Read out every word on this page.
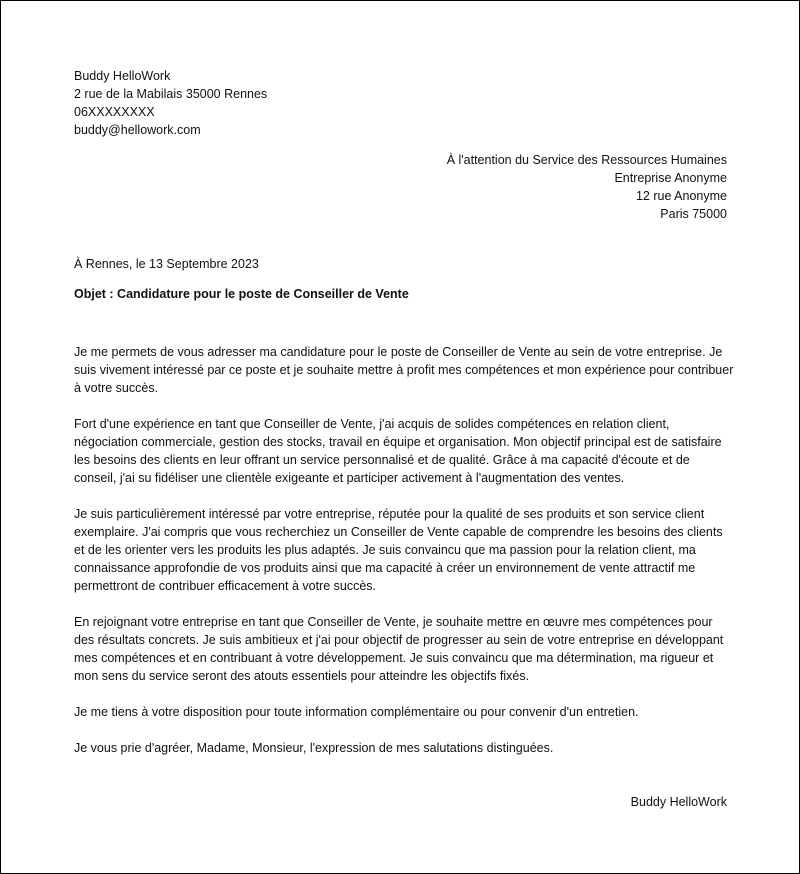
Buddy HelloWork
2 rue de la Mabilais 35000 Rennes
06XXXXXXXX
buddy@hellowork.com
À l'attention du Service des Ressources Humaines
Entreprise Anonyme
12 rue Anonyme
Paris 75000
À Rennes, le 13 Septembre 2023
Objet : Candidature pour le poste de Conseiller de Vente

Je me permets de vous adresser ma candidature pour le poste de Conseiller de Vente au sein de votre entreprise. Je suis vivement intéressé par ce poste et je souhaite mettre à profit mes compétences et mon expérience pour contribuer à votre succès.

Fort d'une expérience en tant que Conseiller de Vente, j'ai acquis de solides compétences en relation client, négociation commerciale, gestion des stocks, travail en équipe et organisation. Mon objectif principal est de satisfaire les besoins des clients en leur offrant un service personnalisé et de qualité. Grâce à ma capacité d'écoute et de conseil, j'ai su fidéliser une clientèle exigeante et participer activement à l'augmentation des ventes.

Je suis particulièrement intéressé par votre entreprise, réputée pour la qualité de ses produits et son service client exemplaire. J'ai compris que vous recherchiez un Conseiller de Vente capable de comprendre les besoins des clients et de les orienter vers les produits les plus adaptés. Je suis convaincu que ma passion pour la relation client, ma connaissance approfondie de vos produits ainsi que ma capacité à créer un environnement de vente attractif me permettront de contribuer efficacement à votre succès.

En rejoignant votre entreprise en tant que Conseiller de Vente, je souhaite mettre en œuvre mes compétences pour des résultats concrets. Je suis ambitieux et j'ai pour objectif de progresser au sein de votre entreprise en développant mes compétences et en contribuant à votre développement. Je suis convaincu que ma détermination, ma rigueur et mon sens du service seront des atouts essentiels pour atteindre les objectifs fixés.

Je me tiens à votre disposition pour toute information complémentaire ou pour convenir d'un entretien.

Je vous prie d'agréer, Madame, Monsieur, l'expression de mes salutations distinguées.

Buddy HelloWork
